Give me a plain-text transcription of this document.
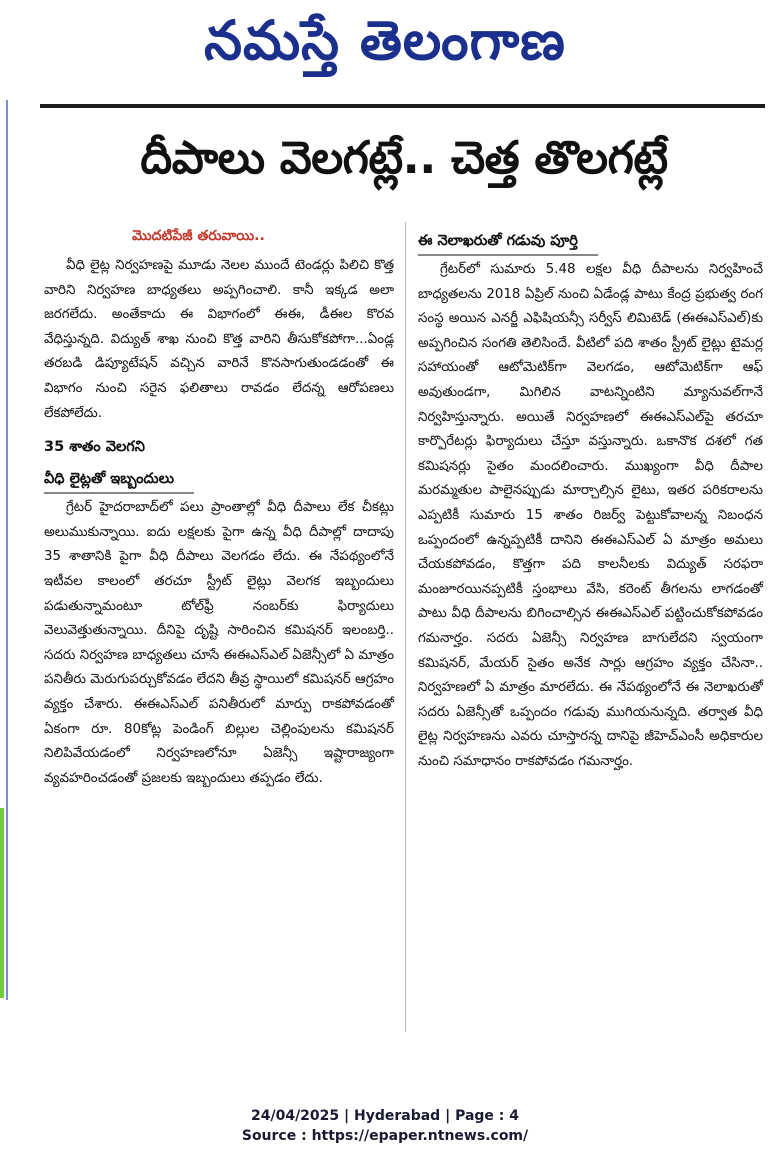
నమస్తే తెలంగాణ
దీపాలు వెలగట్లే.. చెత్త తొలగట్లే
మొదటిపేజీ తరువాయి..

వీధి లైట్ల నిర్వహణపై మూడు నెలల ముందే టెండర్లు పిలిచి కొత్త వారిని నిర్వహణ బాధ్యతలు అప్పగించాలి. కానీ ఇక్కడ అలా జరగలేదు. అంతేకాదు ఈ విభాగంలో ఈఈ, డీఈల కొరవ వేధిస్తున్నది. విద్యుత్ శాఖ నుంచి కొత్త వారిని తీసుకోకపోగా...ఏండ్ల తరబడి డిప్యూటేషన్ వచ్చిన వారినే కొనసాగుతుండడంతో ఈ విభాగం నుంచి సరైన ఫలితాలు రావడం లేదన్న ఆరోపణలు లేకపోలేదు.

35 శాతం వెలగని
వీధి లైట్లతో ఇబ్బందులు

గ్రేటర్ హైదరాబాద్‌లో పలు ప్రాంతాల్లో వీధి దీపాలు లేక చీకట్లు అలుముకున్నాయి. ఐదు లక్షలకు పైగా ఉన్న వీధి దీపాల్లో దాదాపు 35 శాతానికి పైగా వీధి దీపాలు వెలగడం లేదు. ఈ నేపథ్యంలోనే ఇటీవల కాలంలో తరచూ స్ట్రీట్ లైట్లు వెలగక ఇబ్బందులు పడుతున్నామంటూ టోల్‌ఫ్రీ నంబర్‌కు ఫిర్యాదులు వెలువెత్తుతున్నాయి. దీనిపై దృష్టి సారించిన కమిషనర్ ఇలంబర్తి.. సదరు నిర్వహణ బాధ్యతలు చూసే ఈఈఎస్ఎల్ ఏజెన్సీలో ఏ మాత్రం పనితీరు మెరుగుపర్చుకోవడం లేదని తీవ్ర స్థాయిలో కమిషనర్ ఆగ్రహం వ్యక్తం చేశారు. ఈఈఎస్ఎల్ పనితీరులో మార్పు రాకపోవడంతో ఏకంగా రూ. 80కోట్ల పెండింగ్ బిల్లుల చెల్లింపులను కమిషనర్ నిలిపివేయడంలో నిర్వహణలోనూ ఏజెన్సీ ఇష్టారాజ్యంగా వ్యవహరించడంతో ప్రజలకు ఇబ్బందులు తప్పడం లేదు.

ఈ నెలాఖరుతో గడువు పూర్తి

గ్రేటర్‌లో సుమారు 5.48 లక్షల వీధి దీపాలను నిర్వహించే బాధ్యతలను 2018 ఏప్రిల్ నుంచి ఏడేండ్ల పాటు కేంద్ర ప్రభుత్వ రంగ సంస్థ అయిన ఎనర్జీ ఎఫిషియన్సీ సర్వీస్ లిమిటెడ్ (ఈఈఎస్ఎల్)కు అప్పగించిన సంగతి తెలిసిందే. వీటిలో పది శాతం స్ట్రీట్ లైట్లు టైమర్ల సహాయంతో ఆటోమెటిక్‌గా వెలగడం, ఆటోమెటిక్‌గా ఆఫ్ అవుతుండగా, మిగిలిన వాటన్నింటిని మ్యానువల్‌గానే నిర్వహిస్తున్నారు. అయితే నిర్వహణలో ఈఈఎస్ఎల్‌పై తరచూ కార్పొరేటర్లు ఫిర్యాదులు చేస్తూ వస్తున్నారు. ఒకానొక దశలో గత కమిషనర్లు సైతం మందలించారు. ముఖ్యంగా వీధి దీపాల మరమ్మతుల పాలైనప్పుడు మార్చాల్సిన లైటు, ఇతర పరికరాలను ఎప్పటికీ సుమారు 15 శాతం రిజర్వ్ పెట్టుకోవాలన్న నిబంధన ఒప్పందంలో ఉన్నప్పటికీ దానిని ఈఈఎస్ఎల్ ఏ మాత్రం అమలు చేయకపోవడం, కొత్తగా పది కాలనీలకు విద్యుత్ సరఫరా మంజూరయినప్పటికీ స్తంభాలు వేసి, కరెంట్ తీగలను లాగడంతో పాటు వీధి దీపాలను బిగించాల్సిన ఈఈఎస్ఎల్ పట్టించుకోకపోవడం గమనార్హం. సదరు ఏజెన్సీ నిర్వహణ బాగులేదని స్వయంగా కమిషనర్, మేయర్ సైతం అనేక సార్లు ఆగ్రహం వ్యక్తం చేసినా.. నిర్వహణలో ఏ మాత్రం మారలేదు. ఈ నేపథ్యంలోనే ఈ నెలాఖరుతో సదరు ఏజెన్సీతో ఒప్పందం గడువు ముగియనున్నది. తర్వాత వీధి లైట్ల నిర్వహణను ఎవరు చూస్తారన్న దానిపై జీహెచ్ఎంసీ అధికారుల నుంచి సమాధానం రాకపోవడం గమనార్హం.

24/04/2025 | Hyderabad | Page : 4
Source : https://epaper.ntnews.com/
